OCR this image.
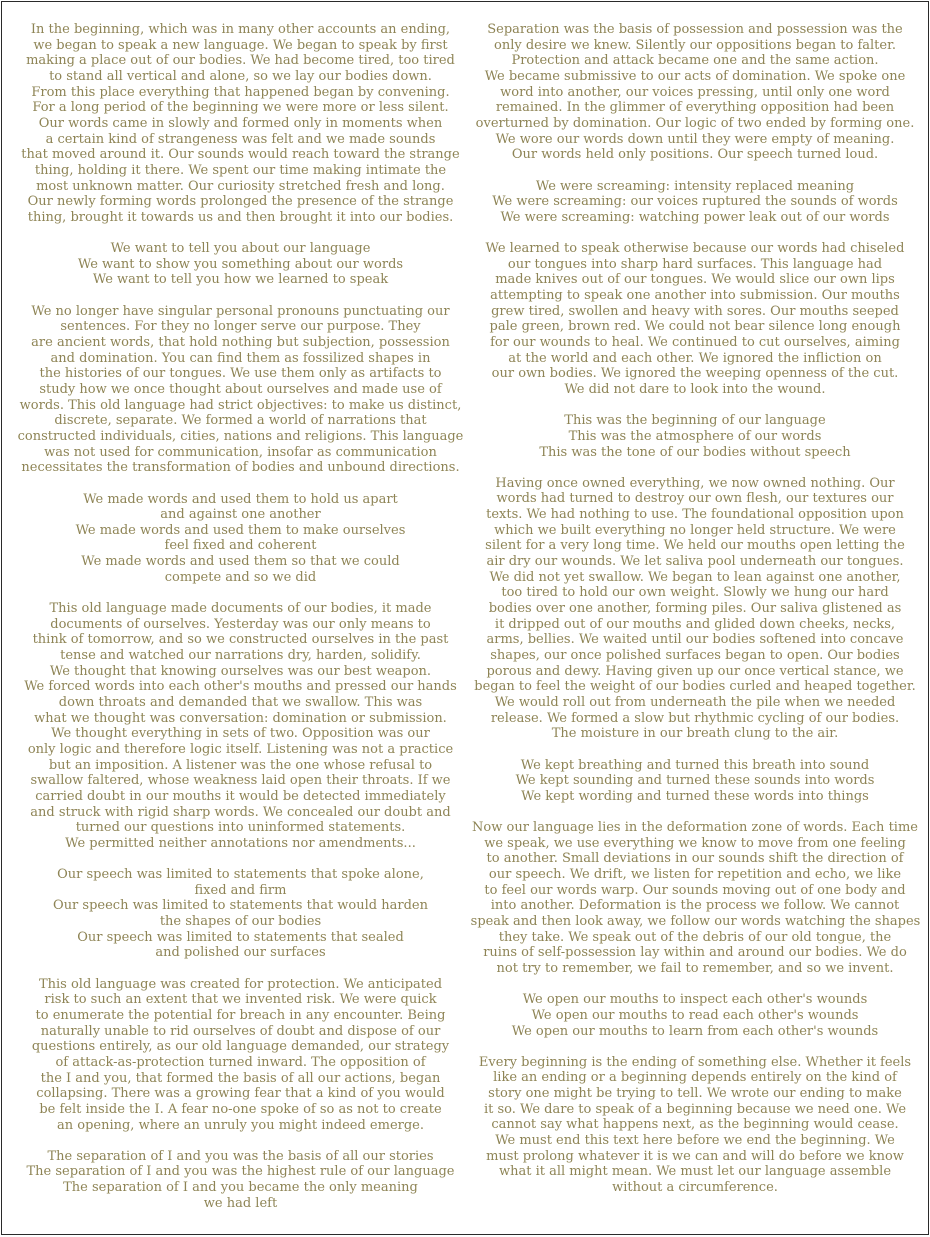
In the beginning, which was in many other accounts an ending,
we began to speak a new language. We began to speak by first
making a place out of our bodies. We had become tired, too tired
to stand all vertical and alone, so we lay our bodies down.
From this place everything that happened began by convening.
For a long period of the beginning we were more or less silent.
Our words came in slowly and formed only in moments when
a certain kind of strangeness was felt and we made sounds
that moved around it. Our sounds would reach toward the strange
thing, holding it there. We spent our time making intimate the
most unknown matter. Our curiosity stretched fresh and long.
Our newly forming words prolonged the presence of the strange
thing, brought it towards us and then brought it into our bodies.
We want to tell you about our language
We want to show you something about our words
We want to tell you how we learned to speak
We no longer have singular personal pronouns punctuating our
sentences. For they no longer serve our purpose. They
are ancient words, that hold nothing but subjection, possession
and domination. You can find them as fossilized shapes in
the histories of our tongues. We use them only as artifacts to
study how we once thought about ourselves and made use of
words. This old language had strict objectives: to make us distinct,
discrete, separate. We formed a world of narrations that
constructed individuals, cities, nations and religions. This language
was not used for communication, insofar as communication
necessitates the transformation of bodies and unbound directions.
We made words and used them to hold us apart
and against one another
We made words and used them to make ourselves
feel fixed and coherent
We made words and used them so that we could
compete and so we did
This old language made documents of our bodies, it made
documents of ourselves. Yesterday was our only means to
think of tomorrow, and so we constructed ourselves in the past
tense and watched our narrations dry, harden, solidify.
We thought that knowing ourselves was our best weapon.
We forced words into each other's mouths and pressed our hands
down throats and demanded that we swallow. This was
what we thought was conversation: domination or submission.
We thought everything in sets of two. Opposition was our
only logic and therefore logic itself. Listening was not a practice
but an imposition. A listener was the one whose refusal to
swallow faltered, whose weakness laid open their throats. If we
carried doubt in our mouths it would be detected immediately
and struck with rigid sharp words. We concealed our doubt and
turned our questions into uninformed statements.
We permitted neither annotations nor amendments...
Our speech was limited to statements that spoke alone,
fixed and firm
Our speech was limited to statements that would harden
the shapes of our bodies
Our speech was limited to statements that sealed
and polished our surfaces
This old language was created for protection. We anticipated
risk to such an extent that we invented risk. We were quick
to enumerate the potential for breach in any encounter. Being
naturally unable to rid ourselves of doubt and dispose of our
questions entirely, as our old language demanded, our strategy
of attack-as-protection turned inward. The opposition of
the I and you, that formed the basis of all our actions, began
collapsing. There was a growing fear that a kind of you would
be felt inside the I. A fear no-one spoke of so as not to create
an opening, where an unruly you might indeed emerge.
The separation of I and you was the basis of all our stories
The separation of I and you was the highest rule of our language
The separation of I and you became the only meaning
we had left
Separation was the basis of possession and possession was the
only desire we knew. Silently our oppositions began to falter.
Protection and attack became one and the same action.
We became submissive to our acts of domination. We spoke one
word into another, our voices pressing, until only one word
remained. In the glimmer of everything opposition had been
overturned by domination. Our logic of two ended by forming one.
We wore our words down until they were empty of meaning.
Our words held only positions. Our speech turned loud.
We were screaming: intensity replaced meaning
We were screaming: our voices ruptured the sounds of words
We were screaming: watching power leak out of our words
We learned to speak otherwise because our words had chiseled
our tongues into sharp hard surfaces. This language had
made knives out of our tongues. We would slice our own lips
attempting to speak one another into submission. Our mouths
grew tired, swollen and heavy with sores. Our mouths seeped
pale green, brown red. We could not bear silence long enough
for our wounds to heal. We continued to cut ourselves, aiming
at the world and each other. We ignored the infliction on
our own bodies. We ignored the weeping openness of the cut.
We did not dare to look into the wound.
This was the beginning of our language
This was the atmosphere of our words
This was the tone of our bodies without speech
Having once owned everything, we now owned nothing. Our
words had turned to destroy our own flesh, our textures our
texts. We had nothing to use. The foundational opposition upon
which we built everything no longer held structure. We were
silent for a very long time. We held our mouths open letting the
air dry our wounds. We let saliva pool underneath our tongues.
We did not yet swallow. We began to lean against one another,
too tired to hold our own weight. Slowly we hung our hard
bodies over one another, forming piles. Our saliva glistened as
it dripped out of our mouths and glided down cheeks, necks,
arms, bellies. We waited until our bodies softened into concave
shapes, our once polished surfaces began to open. Our bodies
porous and dewy. Having given up our once vertical stance, we
began to feel the weight of our bodies curled and heaped together.
We would roll out from underneath the pile when we needed
release. We formed a slow but rhythmic cycling of our bodies.
The moisture in our breath clung to the air.
We kept breathing and turned this breath into sound
We kept sounding and turned these sounds into words
We kept wording and turned these words into things
Now our language lies in the deformation zone of words. Each time
we speak, we use everything we know to move from one feeling
to another. Small deviations in our sounds shift the direction of
our speech. We drift, we listen for repetition and echo, we like
to feel our words warp. Our sounds moving out of one body and
into another. Deformation is the process we follow. We cannot
speak and then look away, we follow our words watching the shapes
they take. We speak out of the debris of our old tongue, the
ruins of self-possession lay within and around our bodies. We do
not try to remember, we fail to remember, and so we invent.
We open our mouths to inspect each other's wounds
We open our mouths to read each other's wounds
We open our mouths to learn from each other's wounds
Every beginning is the ending of something else. Whether it feels
like an ending or a beginning depends entirely on the kind of
story one might be trying to tell. We wrote our ending to make
it so. We dare to speak of a beginning because we need one. We
cannot say what happens next, as the beginning would cease.
We must end this text here before we end the beginning. We
must prolong whatever it is we can and will do before we know
what it all might mean. We must let our language assemble
without a circumference.
